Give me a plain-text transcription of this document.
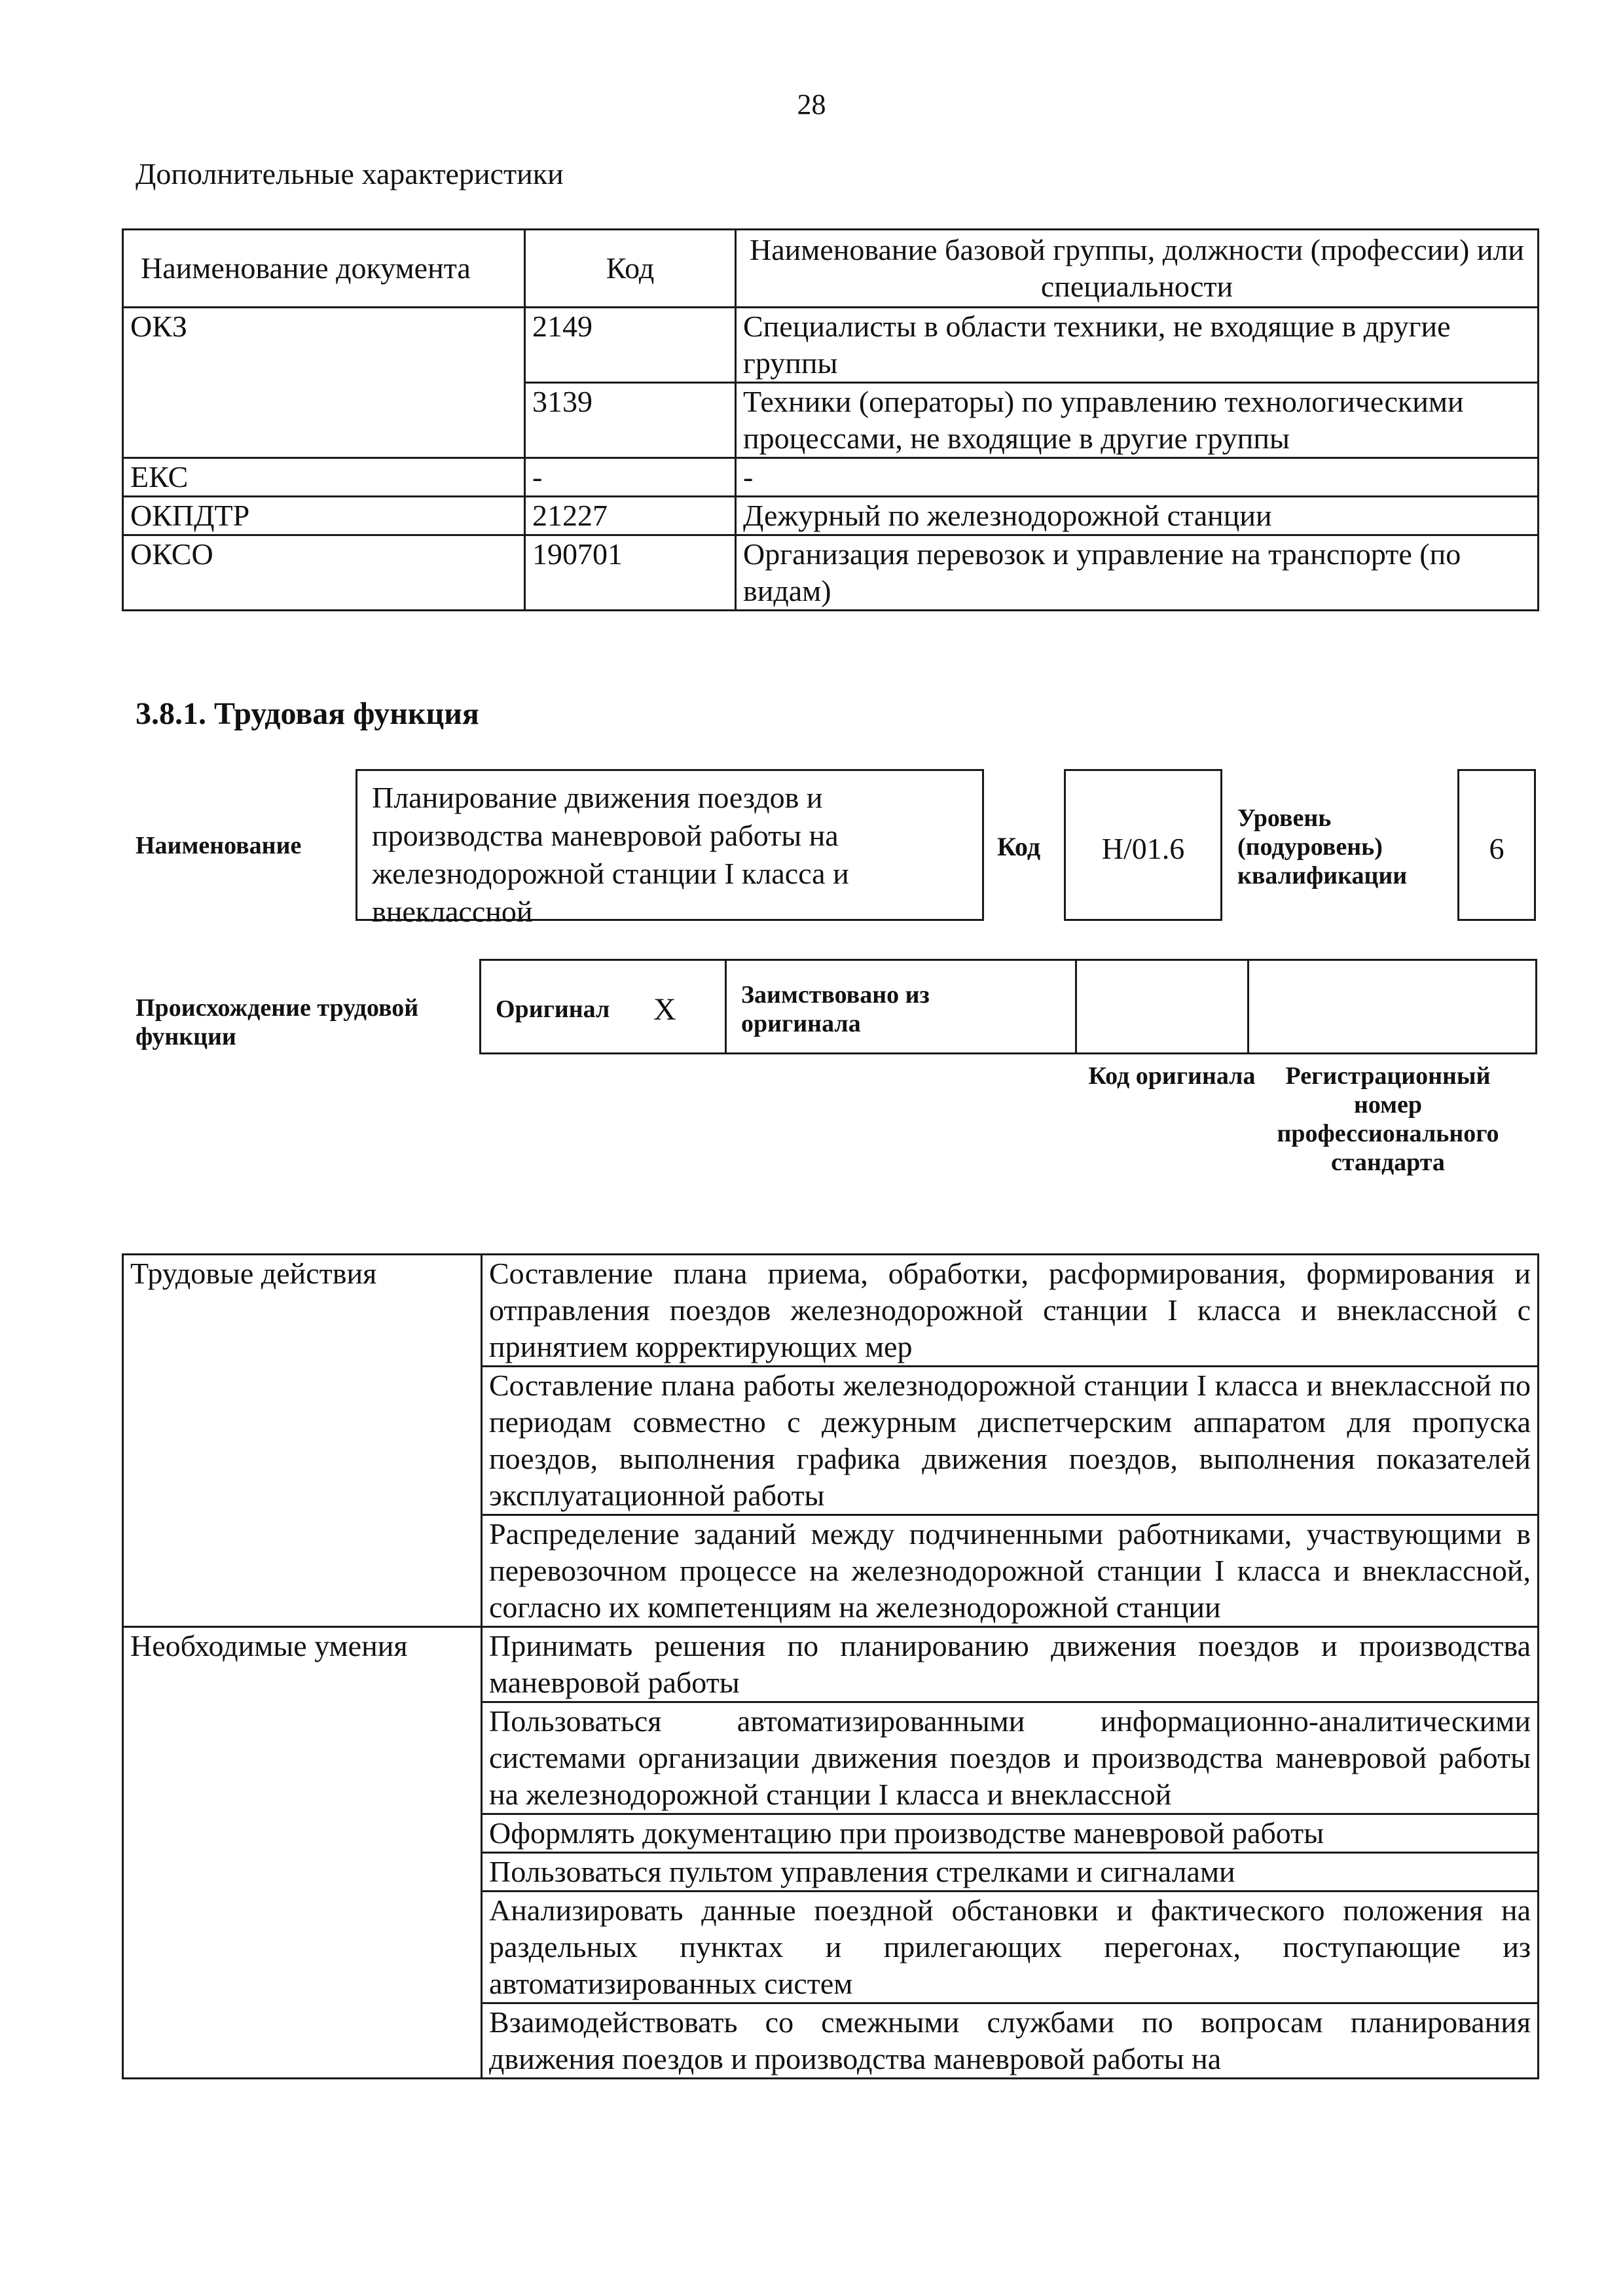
28
Дополнительные характеристики
Наименование документа	Код	Наименование базовой группы, должности (профессии) или специальности
ОКЗ	2149	Специалисты в области техники, не входящие в другие группы
	3139	Техники (операторы) по управлению технологическими процессами, не входящие в другие группы
ЕКС	-	-
ОКПДТР	21227	Дежурный по железнодорожной станции
ОКСО	190701	Организация перевозок и управление на транспорте (по видам)
3.8.1. Трудовая функция
Наименование
Планирование движения поездов и производства маневровой работы на железнодорожной станции I класса и внеклассной
Код	H/01.6
Уровень (подуровень) квалификации
6
Происхождение трудовой функции
Оригинал X	Заимствовано из оригинала
Код оригинала	Регистрационный номер профессионального стандарта
Трудовые действия	Составление плана приема, обработки, расформирования, формирования и отправления поездов железнодорожной станции I класса и внеклассной с принятием корректирующих мер

	Составление плана работы железнодорожной станции I класса и внеклассной по периодам совместно с дежурным диспетчерским аппаратом для пропуска поездов, выполнения графика движения поездов, выполнения показателей эксплуатационной работы

	Распределение заданий между подчиненными работниками, участвующими в перевозочном процессе на железнодорожной станции I класса и внеклассной, согласно их компетенциям на железнодорожной станции

Необходимые умения	Принимать решения по планированию движения поездов и производства маневровой работы

	Пользоваться автоматизированными информационно-аналитическими системами организации движения поездов и производства маневровой работы на железнодорожной станции I класса и внеклассной

	Оформлять документацию при производстве маневровой работы

	Пользоваться пультом управления стрелками и сигналами

	Анализировать данные поездной обстановки и фактического положения на раздельных пунктах и прилегающих перегонах, поступающие из автоматизированных систем

	Взаимодействовать со смежными службами по вопросам планирования движения поездов и производства маневровой работы на
